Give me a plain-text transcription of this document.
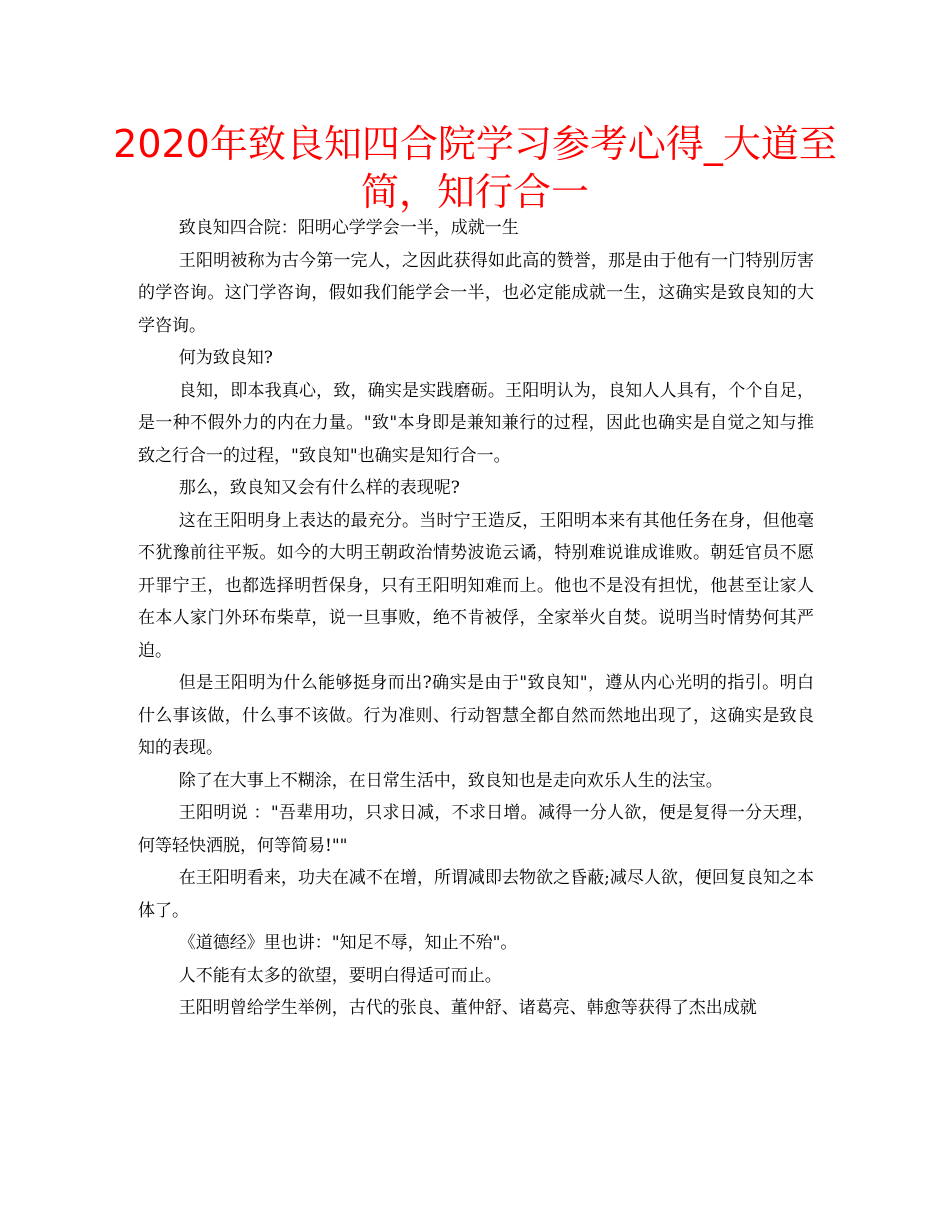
2020年致良知四合院学习参考心得_大道至简，知行合一

致良知四合院：阳明心学学会一半，成就一生

王阳明被称为古今第一完人，之因此获得如此高的赞誉，那是由于他有一门特别厉害的学咨询。这门学咨询，假如我们能学会一半，也必定能成就一生，这确实是致良知的大学咨询。

何为致良知?

良知，即本我真心，致，确实是实践磨砺。王阳明认为，良知人人具有，个个自足，是一种不假外力的内在力量。"致"本身即是兼知兼行的过程，因此也确实是自觉之知与推致之行合一的过程，"致良知"也确实是知行合一。

那么，致良知又会有什么样的表现呢?

这在王阳明身上表达的最充分。当时宁王造反，王阳明本来有其他任务在身，但他毫不犹豫前往平叛。如今的大明王朝政治情势波诡云谲，特别难说谁成谁败。朝廷官员不愿开罪宁王，也都选择明哲保身，只有王阳明知难而上。他也不是没有担忧，他甚至让家人在本人家门外环布柴草，说一旦事败，绝不肯被俘，全家举火自焚。说明当时情势何其严迫。

但是王阳明为什么能够挺身而出?确实是由于"致良知"，遵从内心光明的指引。明白什么事该做，什么事不该做。行为准则、行动智慧全都自然而然地出现了，这确实是致良知的表现。

除了在大事上不糊涂，在日常生活中，致良知也是走向欢乐人生的法宝。

王阳明说 ："吾辈用功，只求日减，不求日增。减得一分人欲，便是复得一分天理，何等轻快洒脱，何等简易!""

在王阳明看来，功夫在减不在增，所谓减即去物欲之昏蔽;减尽人欲，便回复良知之本体了。

《道德经》里也讲："知足不辱，知止不殆"。

人不能有太多的欲望，要明白得适可而止。

王阳明曾给学生举例，古代的张良、董仲舒、诸葛亮、韩愈等获得了杰出成就
